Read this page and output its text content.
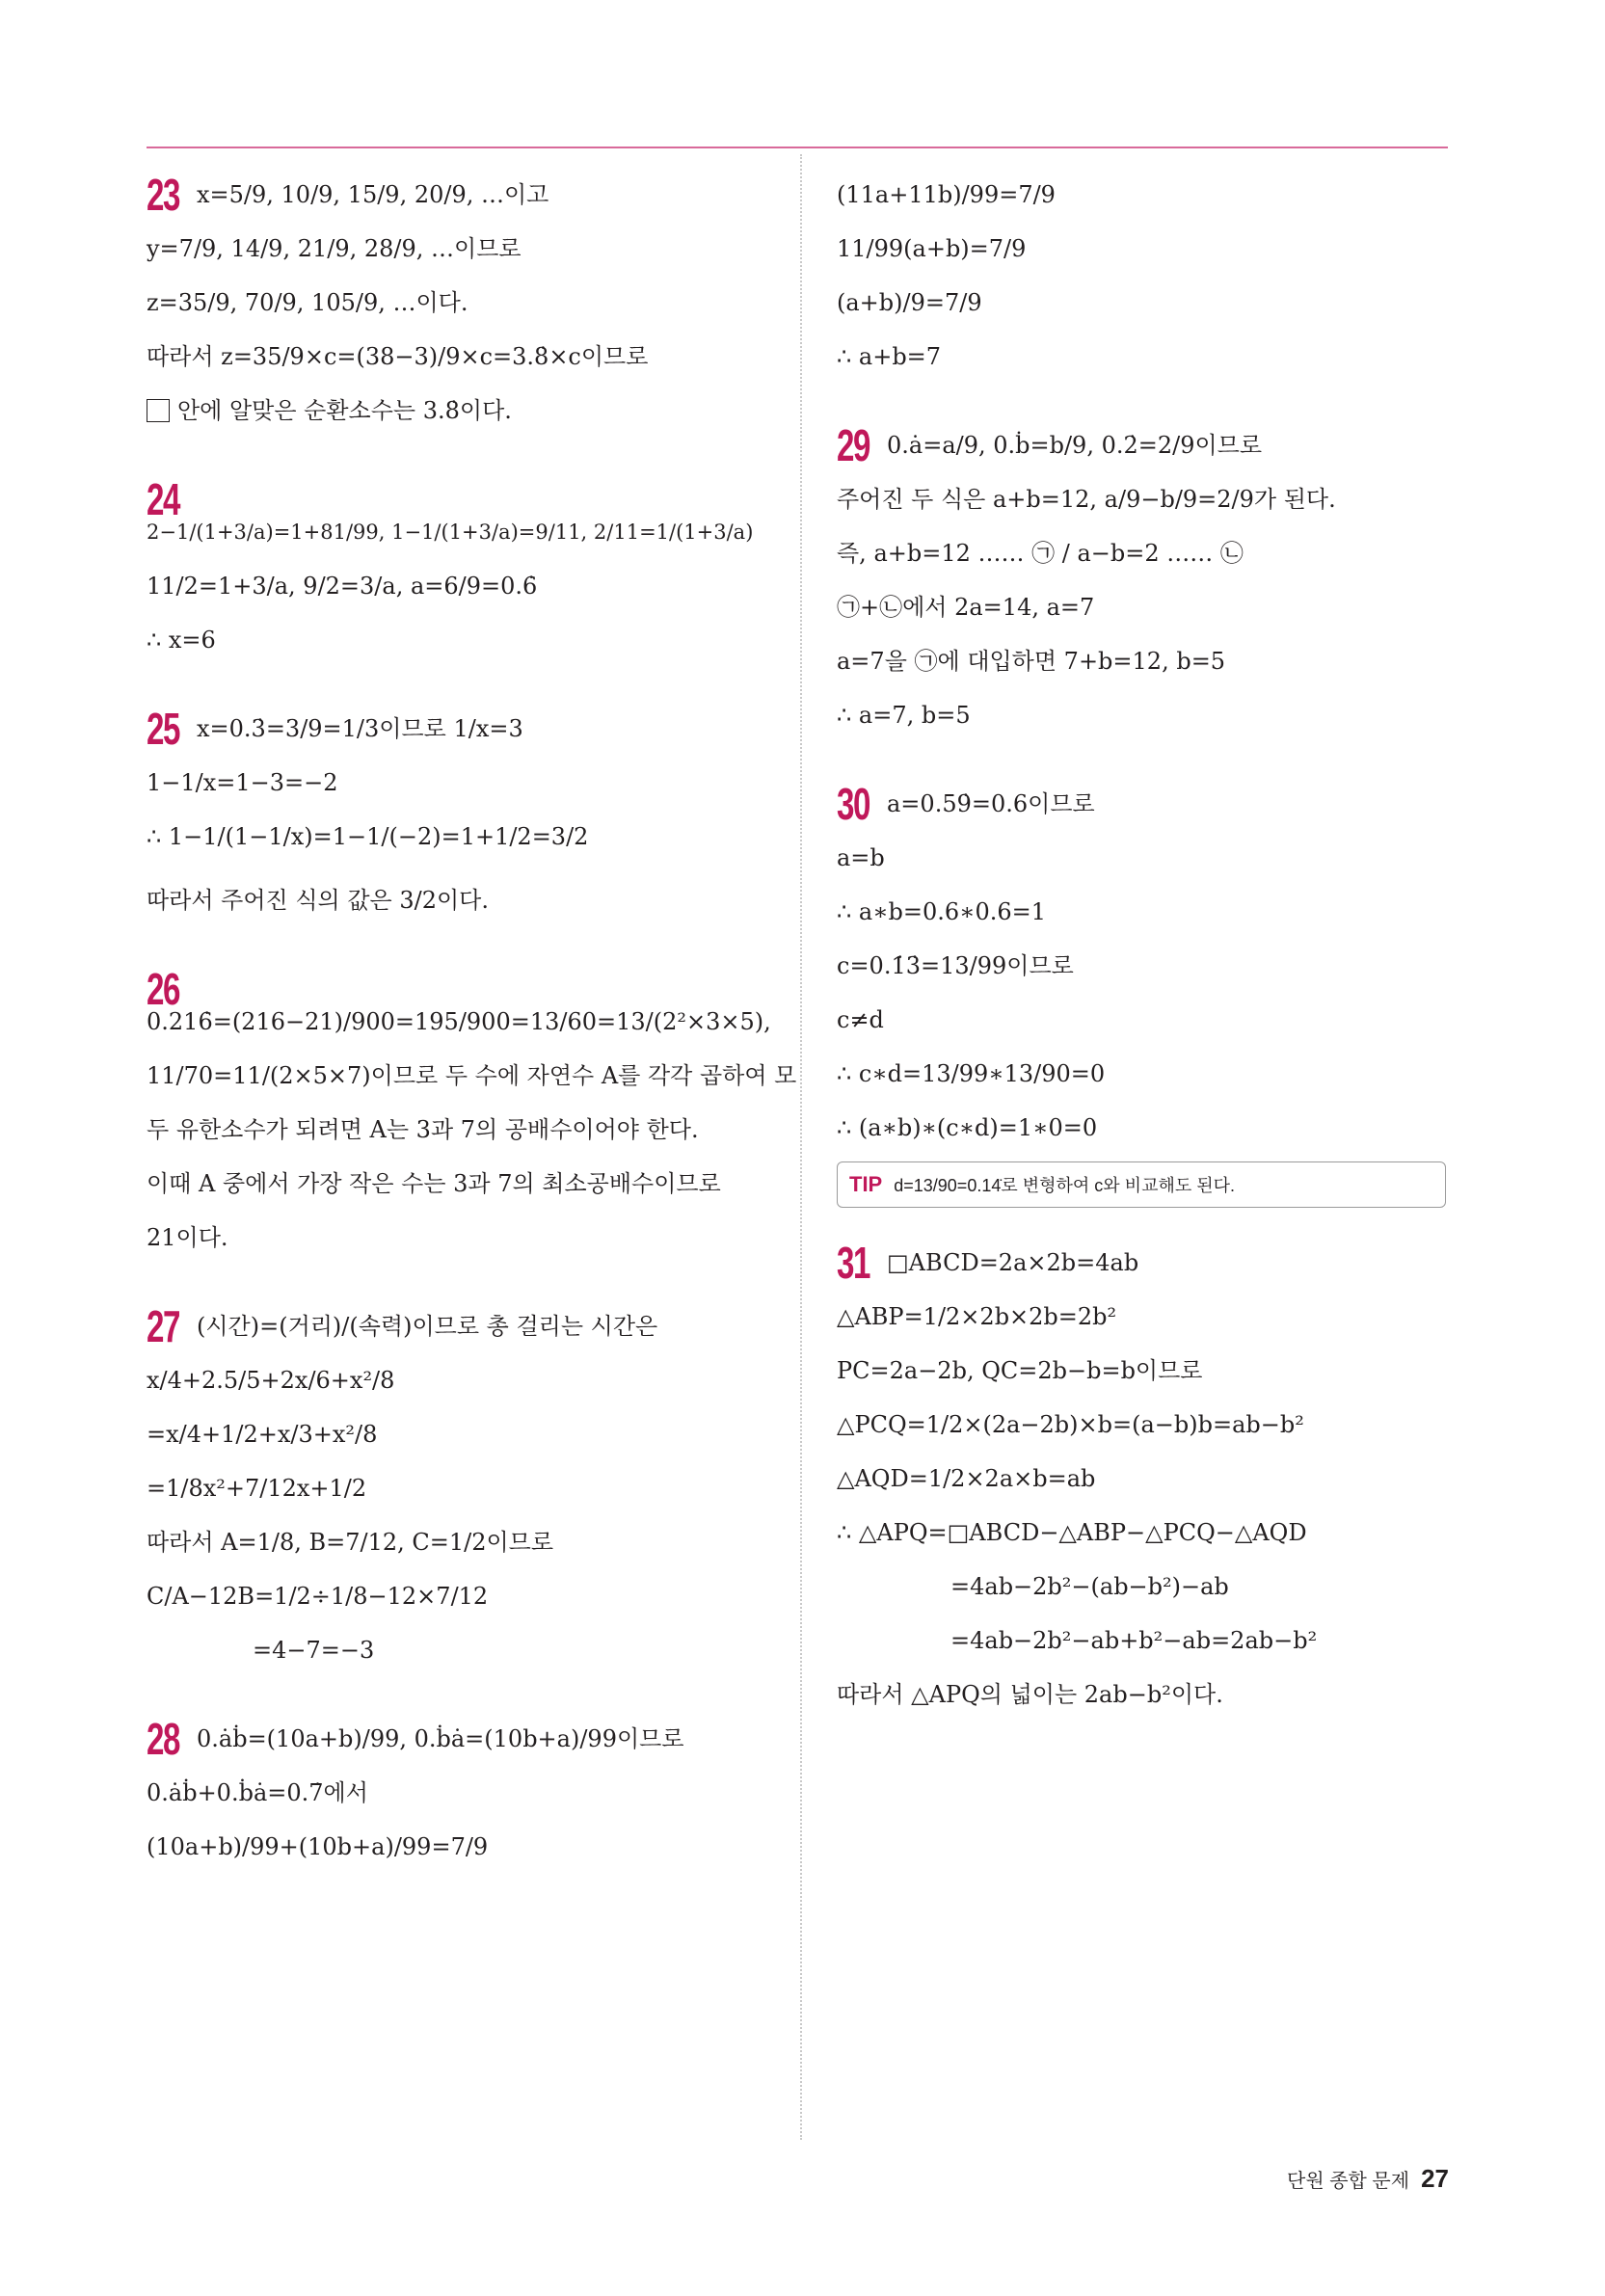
23 x=5/9, 10/9, 15/9, 20/9, …이고
y=7/9, 14/9, 21/9, 28/9, …이므로
z=35/9, 70/9, 105/9, …이다.
따라서 z=35/9×c=(38−3)/9×c=3.8̇×c이므로
안에 알맞은 순환소수는 3.8̇이다.
24
2−1/(1+3/a)=1+81/99, 1−1/(1+3/a)=9/11, 2/11=1/(1+3/a)
11/2=1+3/a, 9/2=3/a, a=6/9=0.6̇
∴ x=6
25 x=0.3̇=3/9=1/3이므로 1/x=3
1−1/x=1−3=−2
∴ 1−1/(1−1/x)=1−1/(−2)=1+1/2=3/2
따라서 주어진 식의 값은 3/2이다.
26
0.216̇=(216−21)/900=195/900=13/60=13/(2²×3×5),
11/70=11/(2×5×7)이므로 두 수에 자연수 A를 각각 곱하여 모
두 유한소수가 되려면 A는 3과 7의 공배수이어야 한다.
이때 A 중에서 가장 작은 수는 3과 7의 최소공배수이므로
21이다.
27 (시간)=(거리)/(속력)이므로 총 걸리는 시간은
x/4+2.5/5+2x/6+x²/8
=x/4+1/2+x/3+x²/8
=1/8x²+7/12x+1/2
따라서 A=1/8, B=7/12, C=1/2이므로
C/A−12B=1/2÷1/8−12×7/12
=4−7=−3
28 0.ȧḃ=(10a+b)/99, 0.ḃȧ=(10b+a)/99이므로
0.ȧḃ+0.ḃȧ=0.7̇에서
(10a+b)/99+(10b+a)/99=7/9
(11a+11b)/99=7/9
11/99(a+b)=7/9
(a+b)/9=7/9
∴ a+b=7
29 0.ȧ=a/9, 0.ḃ=b/9, 0.2̇=2/9이므로
주어진 두 식은 a+b=12, a/9−b/9=2/9가 된다.
즉, a+b=12 …… ㉠ / a−b=2 …… ㉡
㉠+㉡에서 2a=14, a=7
a=7을 ㉠에 대입하면 7+b=12, b=5
∴ a=7, b=5
30 a=0.59̇=0.6이므로
a=b
∴ a∗b=0.6∗0.6=1
c=0.1̇3̇=13/99이므로
c≠d
∴ c∗d=13/99∗13/90=0
∴ (a∗b)∗(c∗d)=1∗0=0
TIP d=13/90=0.14̇로 변형하여 c와 비교해도 된다.
31 □ABCD=2a×2b=4ab
△ABP=1/2×2b×2b=2b²
PC=2a−2b, QC=2b−b=b이므로
△PCQ=1/2×(2a−2b)×b=(a−b)b=ab−b²
△AQD=1/2×2a×b=ab
∴ △APQ=□ABCD−△ABP−△PCQ−△AQD
=4ab−2b²−(ab−b²)−ab
=4ab−2b²−ab+b²−ab=2ab−b²
따라서 △APQ의 넓이는 2ab−b²이다.
단원 종합 문제 27
